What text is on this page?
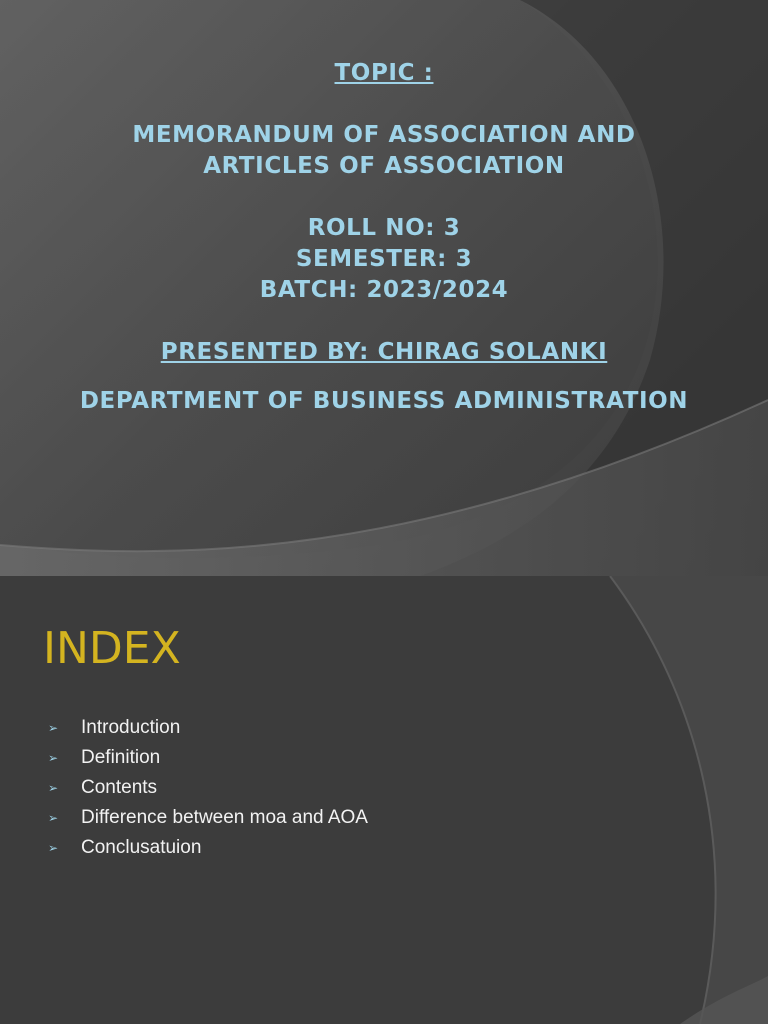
TOPIC :
MEMORANDUM OF ASSOCIATION AND
ARTICLES OF ASSOCIATION
ROLL NO: 3
SEMESTER: 3
BATCH: 2023/2024
PRESENTED BY: CHIRAG SOLANKI
DEPARTMENT OF BUSINESS ADMINISTRATION
INDEX
➢	Introduction
➢	Definition
➢	Contents
➢	Difference between moa and AOA
➢	Conclusatuion
